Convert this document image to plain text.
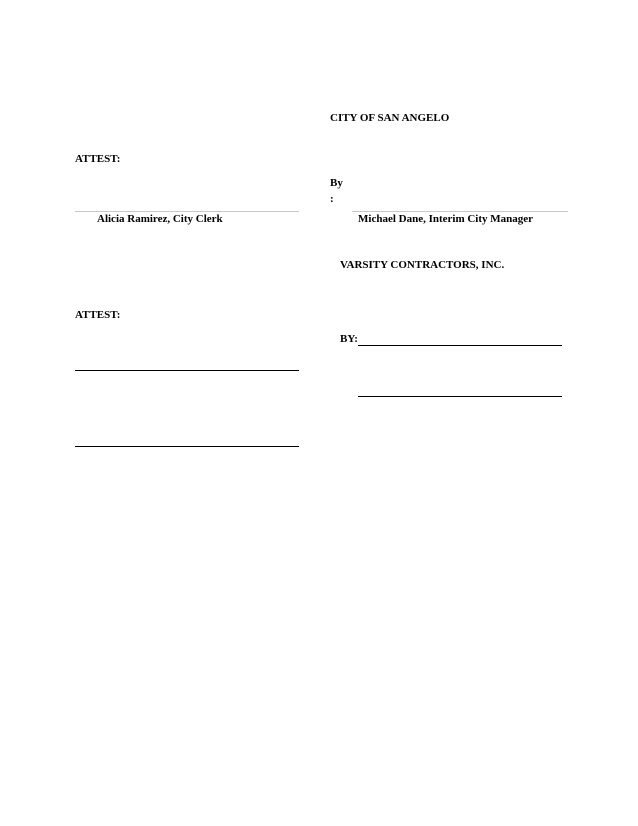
CITY OF SAN ANGELO
ATTEST:
By
:
Alicia Ramirez, City Clerk	Michael Dane, Interim City Manager
VARSITY CONTRACTORS, INC.
ATTEST:
BY:
